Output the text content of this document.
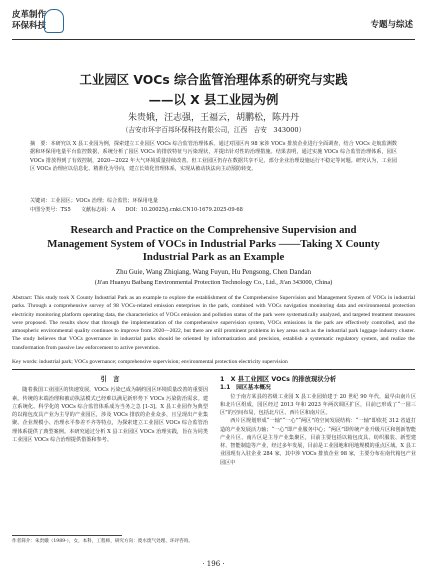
皮革制作
环保科技	专题与综述
工业园区 VOCs 综合监管治理体系的研究与实践
——以 X 县工业园为例
朱贵娥，汪志强，王福云，胡鹏松，陈丹丹
（吉安市环宇百邦环保科技有限公司，江西　吉安　343000）
摘　要：本研究以 X 县工业园为例，探索建立工业园区 VOCs 综合监管治理体系。通过对园区内 98 家涉 VOCs 排放企业进行全面调查，结合 VOCs 走航监测数据和环保用电量平台监控数据，系统分析了园区 VOCs 的排放特征与污染现状，并提出针对性的治理措施。结果表明，通过实施 VOCs 综合监管治理体系，园区 VOCs 排放得到了有效控制，2020—2022 年大气环境质量持续改善。但工业园区仍存在数据共享不足、部分企业治理设施运行不稳定等问题。研究认为，工业园区 VOCs 治理应以信息化、精准化为导向，建立长效化管理体系，实现从被动执法向主动预防转变。
关键词：工业园区；VOCs 治理；综合监管；环保用电量
中图分类号：TS5　　文献标志码：A　　DOI：10.20025/j.cnki.CN10-1679.2025-09-68
Research and Practice on the Comprehensive Supervision and Management System of VOCs in Industrial Parks ——Taking X County Industrial Park as an Example
Zhu Guie, Wang Zhiqiang, Wang Fuyun, Hu Pengsong, Chen Dandan
(Ji'an Huanyu Baibang Environmental Protection Technology Co., Ltd., Ji'an 343000, China)
Abstract: This study took X County Industrial Park as an example to explore the establishment of the Comprehensive Supervision and Management System of VOCs in industrial parks. Through a comprehensive survey of 98 VOCs-related emission enterprises in the park, combined with VOCs navigation monitoring data and environmental protection electricity monitoring platform operating data, the characteristics of VOCs emission and pollution status of the park were systematically analyzed, and targeted treatment measures were proposed. The results show that through the implementation of the comprehensive supervision system, VOCs emissions in the park are effectively controlled, and the atmospheric environmental quality continues to improve from 2020—2022, but there are still prominent problems in key areas such as the industrial park luggage industry cluster. The study believes that VOCs governance in industrial parks should be oriented by informatization and precision, establish a systematic regulatory system, and realize the transformation from passive law enforcement to active prevention.
Key words: industrial park; VOCs governance; comprehensive supervision; environmental protection electricity supervision
引　言

随着我国工业园区的快速发展，VOCs 污染已成为制约园区环境质量改善的重要因素。传统的末端治理和被动执法模式已经难以满足新形势下 VOCs 污染防治需求。建立系统化、科学化的 VOCs 综合监管体系成为当务之急 [1-3]。X 县工业园作为典型的以箱包皮具产业为主导的产业园区，涉及 VOCs 排放的企业众多，且呈现出产业集聚、企业规模小、治理水平参差不齐等特点，为探索建立工业园区 VOCs 综合监管治理体系提供了典型案例。本研究通过分析 X 县工业园区 VOCs 治理实践，旨在为同类工业园区 VOCs 综合治理提供借鉴和参考。

1　X 县工业园区 VOCs 的排放现状分析
1.1　园区基本概况

位于南方某县的省级工业园 X 县工业园始建于 20 世纪 90 年代，最早由南片区和北片区组成，园区经过 2013 年和 2023 年两次调区扩区，目前已形成了“一园三区”的空间布局，包括北片区、西片区和南片区。

西片区规划形成“一轴”“一心”“两区”的空间发展结构：“一轴”即依托 312 省道打造的产业发展活力轴；“一心”即产业服务中心；“两区”即传统产业升级片区和创新智能产业片区，南片区是主导产业集聚区，目前主要包括以箱包皮具、纺织服装、新型建材、智能制造等产业，经过多年发展，目前是工业园地和用地规模的重点区域。X 县工业园现有入驻企业 284 家，其中涉 VOCs 排放企业 98 家，主要分布在南代箱包产业园区中

作者简介：朱贵娥（1989-），女，本科，工程师，研究方向：废水废气处理、环评咨询。
· 196 ·
